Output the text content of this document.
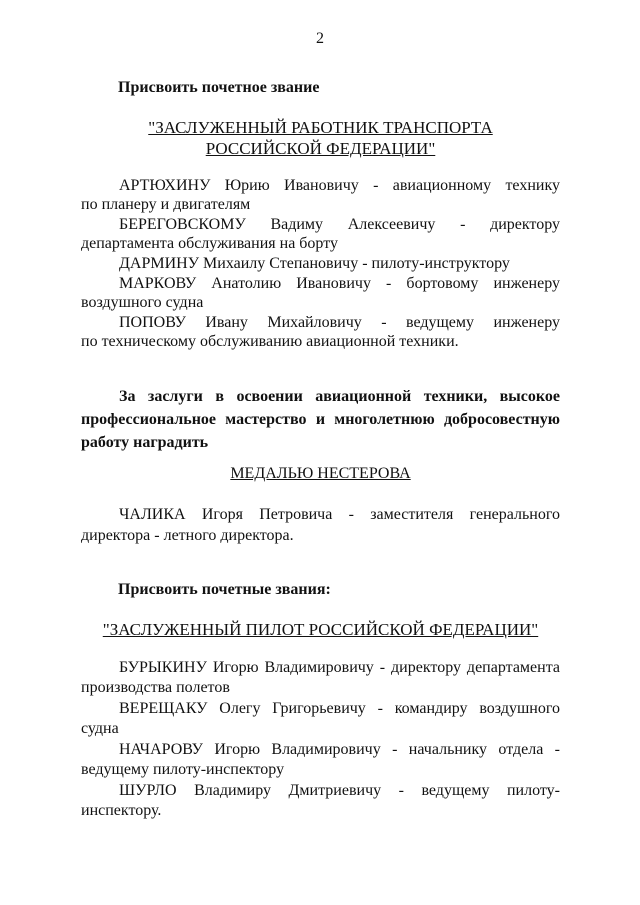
2
Присвоить почетное звание
"ЗАСЛУЖЕННЫЙ РАБОТНИК ТРАНСПОРТА
РОССИЙСКОЙ ФЕДЕРАЦИИ"
АРТЮХИНУ Юрию Ивановичу - авиационному технику
по планеру и двигателям
БЕРЕГОВСКОМУ Вадиму Алексеевичу - директору
департамента обслуживания на борту
ДАРМИНУ Михаилу Степановичу - пилоту-инструктору
МАРКОВУ Анатолию Ивановичу - бортовому инженеру
воздушного судна
ПОПОВУ Ивану Михайловичу - ведущему инженеру
по техническому обслуживанию авиационной техники.
За заслуги в освоении авиационной техники, высокое
профессиональное мастерство и многолетнюю добросовестную
работу наградить
МЕДАЛЬЮ НЕСТЕРОВА
ЧАЛИКА Игоря Петровича - заместителя генерального
директора - летного директора.
Присвоить почетные звания:
"ЗАСЛУЖЕННЫЙ ПИЛОТ РОССИЙСКОЙ ФЕДЕРАЦИИ"
БУРЫКИНУ Игорю Владимировичу - директору департамента
производства полетов
ВЕРЕЩАКУ Олегу Григорьевичу - командиру воздушного
судна
НАЧАРОВУ Игорю Владимировичу - начальнику отдела -
ведущему пилоту-инспектору
ШУРЛО Владимиру Дмитриевичу - ведущему пилоту-
инспектору.
